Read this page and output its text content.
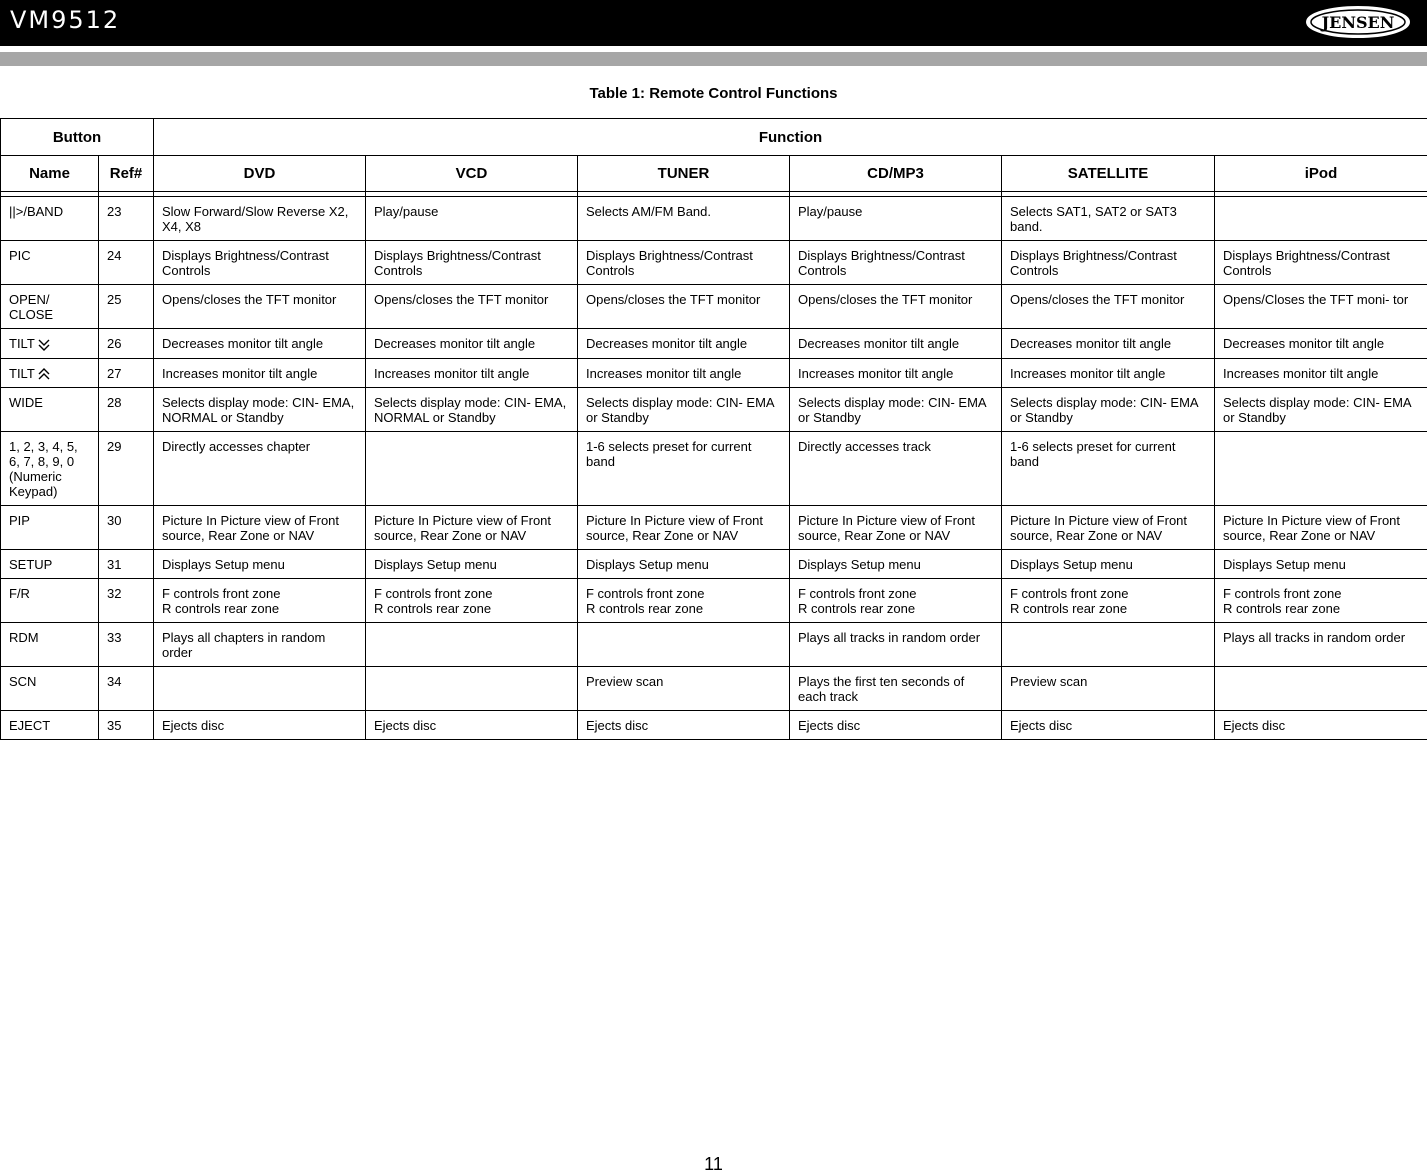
VM9512	JENSEN
Table 1: Remote Control Functions
Button		Function					
Name	Ref#	DVD	VCD	TUNER	CD/MP3	SATELLITE	iPod

||>/BAND	23	Slow Forward/Slow Reverse X2, X4, X8	Play/pause	Selects AM/FM Band.	Play/pause	Selects SAT1, SAT2 or SAT3 band.	
PIC	24	Displays Brightness/Contrast Controls	Displays Brightness/Contrast Controls	Displays Brightness/Contrast Controls	Displays Brightness/Contrast Controls	Displays Brightness/Contrast Controls	Displays Brightness/Contrast Controls
OPEN/ CLOSE	25	Opens/closes the TFT monitor	Opens/closes the TFT monitor	Opens/closes the TFT monitor	Opens/closes the TFT monitor	Opens/closes the TFT monitor	Opens/Closes the TFT moni- tor
TILT	26	Decreases monitor tilt angle	Decreases monitor tilt angle	Decreases monitor tilt angle	Decreases monitor tilt angle	Decreases monitor tilt angle	Decreases monitor tilt angle
TILT	27	Increases monitor tilt angle	Increases monitor tilt angle	Increases monitor tilt angle	Increases monitor tilt angle	Increases monitor tilt angle	Increases monitor tilt angle
WIDE	28	Selects display mode: CIN- EMA, NORMAL or Standby	Selects display mode: CIN- EMA, NORMAL or Standby	Selects display mode: CIN- EMA or Standby	Selects display mode: CIN- EMA or Standby	Selects display mode: CIN- EMA or Standby	Selects display mode: CIN- EMA or Standby
1, 2, 3, 4, 5, 6, 7, 8, 9, 0 (Numeric Keypad)	29	Directly accesses chapter		1-6 selects preset for current band	Directly accesses track	1-6 selects preset for current band	
PIP	30	Picture In Picture view of Front source, Rear Zone or NAV	Picture In Picture view of Front source, Rear Zone or NAV	Picture In Picture view of Front source, Rear Zone or NAV	Picture In Picture view of Front source, Rear Zone or NAV	Picture In Picture view of Front source, Rear Zone or NAV	Picture In Picture view of Front source, Rear Zone or NAV
SETUP	31	Displays Setup menu	Displays Setup menu	Displays Setup menu	Displays Setup menu	Displays Setup menu	Displays Setup menu
F/R	32	F controls front zone
R controls rear zone	F controls front zone
R controls rear zone	F controls front zone
R controls rear zone	F controls front zone
R controls rear zone	F controls front zone
R controls rear zone	F controls front zone
R controls rear zone

RDM	33	Plays all chapters in random order			Plays all tracks in random order		Plays all tracks in random order
SCN	34			Preview scan	Plays the first ten seconds of each track	Preview scan	
EJECT	35	Ejects disc	Ejects disc	Ejects disc	Ejects disc	Ejects disc	Ejects disc
11
